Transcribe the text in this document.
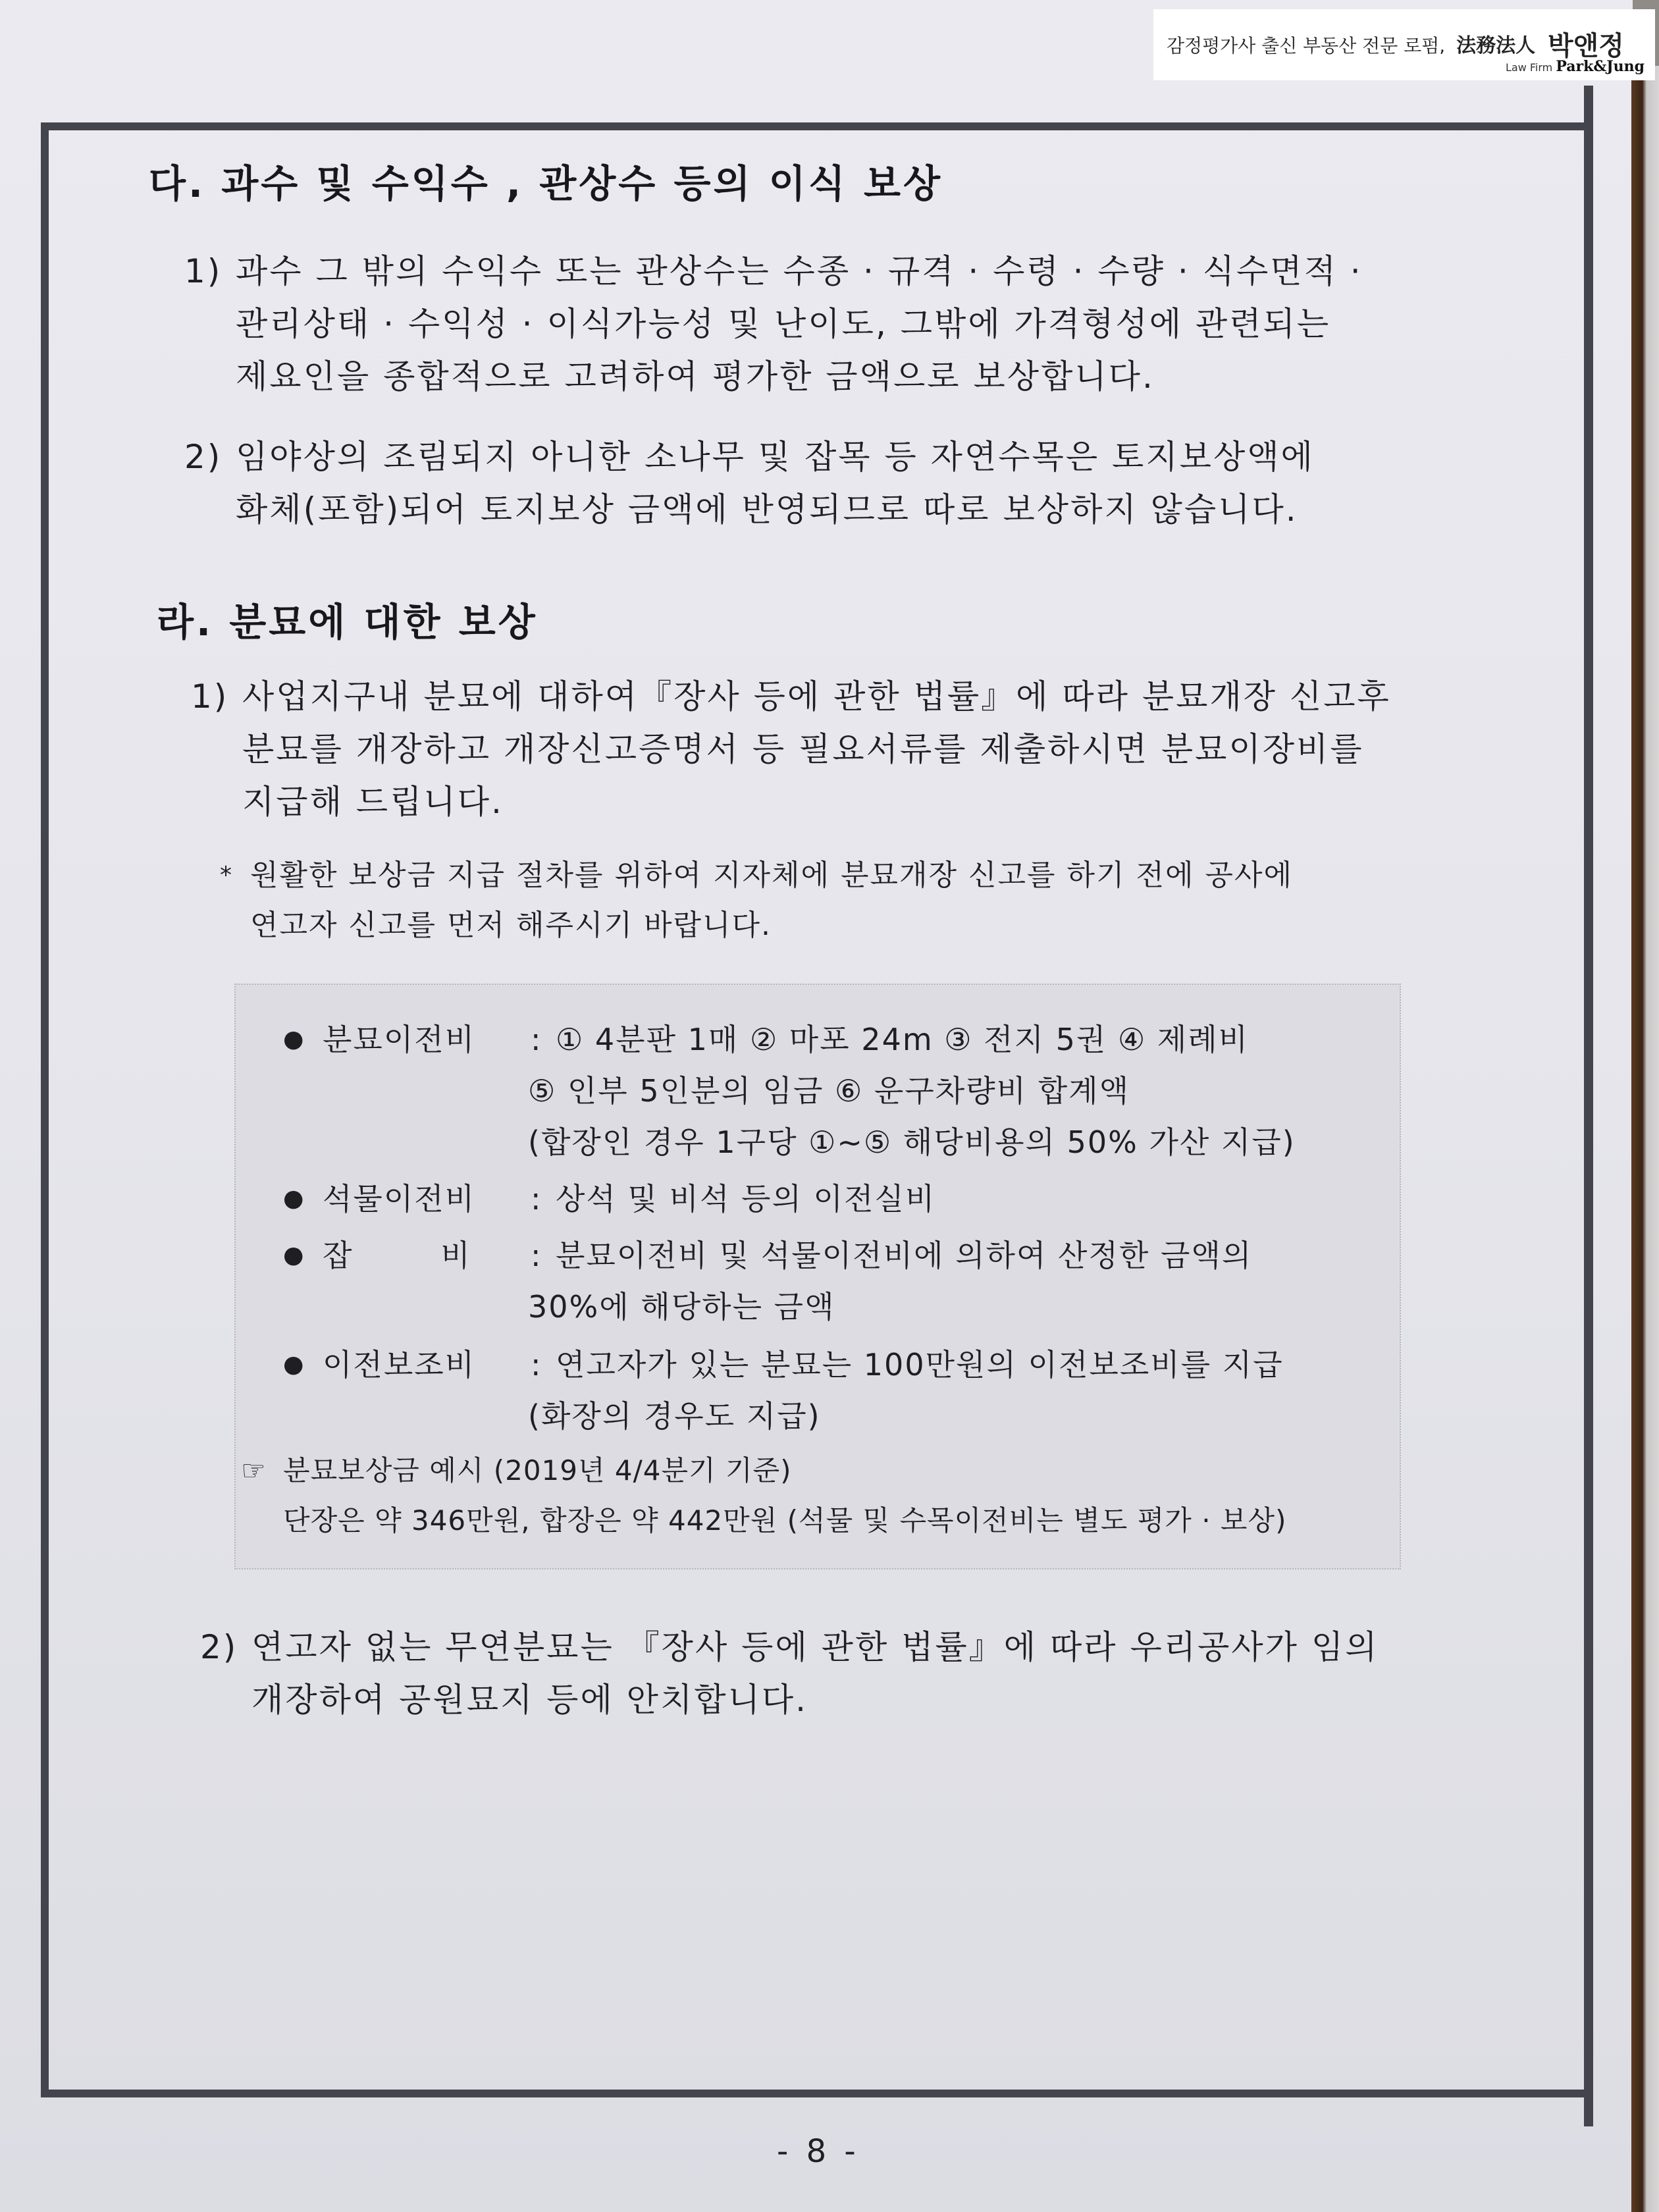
감정평가사 출신 부동산 전문 로펌, 法務法人 박앤정
Law Firm Park&Jung
다. 과수 및 수익수 , 관상수 등의 이식 보상
1) 과수 그 밖의 수익수 또는 관상수는 수종 · 규격 · 수령 · 수량 · 식수면적 ·
관리상태 · 수익성 · 이식가능성 및 난이도, 그밖에 가격형성에 관련되는
제요인을 종합적으로 고려하여 평가한 금액으로 보상합니다.
2) 임야상의 조림되지 아니한 소나무 및 잡목 등 자연수목은 토지보상액에
화체(포함)되어 토지보상 금액에 반영되므로 따로 보상하지 않습니다.
라. 분묘에 대한 보상
1) 사업지구내 분묘에 대하여『장사 등에 관한 법률』에 따라 분묘개장 신고후
분묘를 개장하고 개장신고증명서 등 필요서류를 제출하시면 분묘이장비를
지급해 드립니다.
* 원활한 보상금 지급 절차를 위하여 지자체에 분묘개장 신고를 하기 전에 공사에
연고자 신고를 먼저 해주시기 바랍니다.
● 분묘이전비 : ① 4분판 1매 ② 마포 24m ③ 전지 5권 ④ 제례비
⑤ 인부 5인분의 임금 ⑥ 운구차량비 합계액
(합장인 경우 1구당 ①~⑤ 해당비용의 50% 가산 지급)
● 석물이전비 : 상석 및 비석 등의 이전실비
● 잡        비 : 분묘이전비 및 석물이전비에 의하여 산정한 금액의
30%에 해당하는 금액
● 이전보조비 : 연고자가 있는 분묘는 100만원의 이전보조비를 지급
(화장의 경우도 지급)
☞ 분묘보상금 예시 (2019년 4/4분기 기준)
단장은 약 346만원, 합장은 약 442만원 (석물 및 수목이전비는 별도 평가 · 보상)
2) 연고자 없는 무연분묘는 『장사 등에 관한 법률』에 따라 우리공사가 임의
개장하여 공원묘지 등에 안치합니다.
- 8 -
